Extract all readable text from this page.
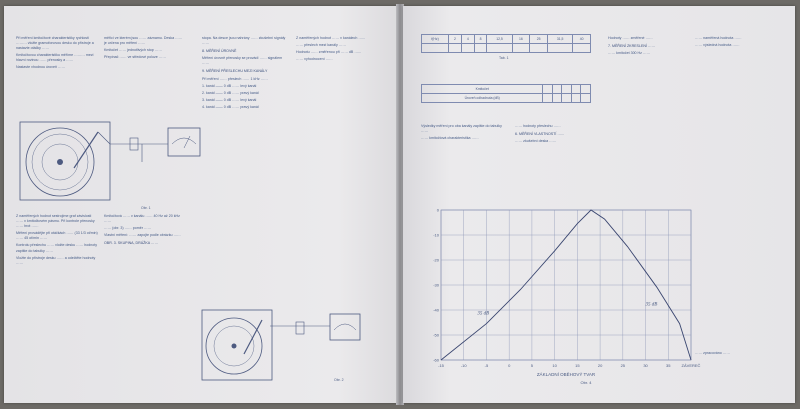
Při měření kmitočtové charakteristiky rychlosti ……… vložte gramofonovou desku do přístroje a nastavte otáčky ……

Kmitočtovou charakteristiku měříme ……… mezi hlavní rovinou …… přenosky a ……

Nastavte vhodnou úroveň ……

měřicí ve kterém jsou …… záznamu. Deska …… je určena pro měření ……

Kmitočet …… jednotlivých stop ……

Přepínač …… ve středové poloze ……

stopa. Na desce jsou nahrány …… zkušební signály ……

8. MĚŘENÍ ÚROVNĚ

Měření úrovně přenosky se provádí …… signálem ……

9. MĚŘENÍ PŘESLECHU MEZI KANÁLY

Při měření …… přeslech …… 1 kHz ……

1. kanál —— 0 dB …… levý kanál

2. kanál —— 0 dB …… pravý kanál

3. kanál —— 0 dB …… levý kanál

4. kanál —— 0 dB …… pravý kanál

Z naměřených hodnot …… v kanálech ……

…… přeslech mezi kanály ……

Hodnotu …… změřenou při …… dB ……

…… vyhodnocení ……

Obr. 1

Z naměřených hodnot sestrojíme graf závislosti …… v kmitočtovém pásmu. Při kontrole přenosky …… hrot ……

Měření provádějte při otáčkách …… (33 1/3 ot/min) …… 45 ot/min ……

Kontrolu přeslechu …… vložte desku …… hodnoty zapište do tabulky ……

Vložte do přístroje desku …… a odečtěte hodnoty ……

Kmitočtová …… v kanálu …… 40 Hz až 20 kHz ……

…… (obr. 3) …… poměr ……

Vlastní měření: …… zapojte podle obrázku ……

OBR. 3. SKUPINA, DRÁŽKA ……

Obr. 2
f(Hz)	2	4	8	12,5	16	25	31,5	40

Tab. 1
Kmitočet					
Úroveň odhadnuta (dB)					

Výsledky měření pro oba kanály zapište do tabulky ……

…… kmitočtová charakteristika ……

…… hodnoty přeslechu ……

6. MĚŘENÍ VLASTNOSTÍ ……

…… zkušební deska ……

Hodnoty …… změřené ……

7. MĚŘENÍ ZKRESLENÍ ……

…… kmitočet 300 Hz ……

…… naměřená hodnota ……

…… výsledná hodnota ……

…… zpracováno ……

-15	-10	-5	0	5	10	15	20	25	30	35	ZÁVEREČ
0
-10
-20
-30
-40
-50
-60
35 dB
35 dB
ZÁKLADNÍ OBĚHOVÝ TVAR
Obr. 4
